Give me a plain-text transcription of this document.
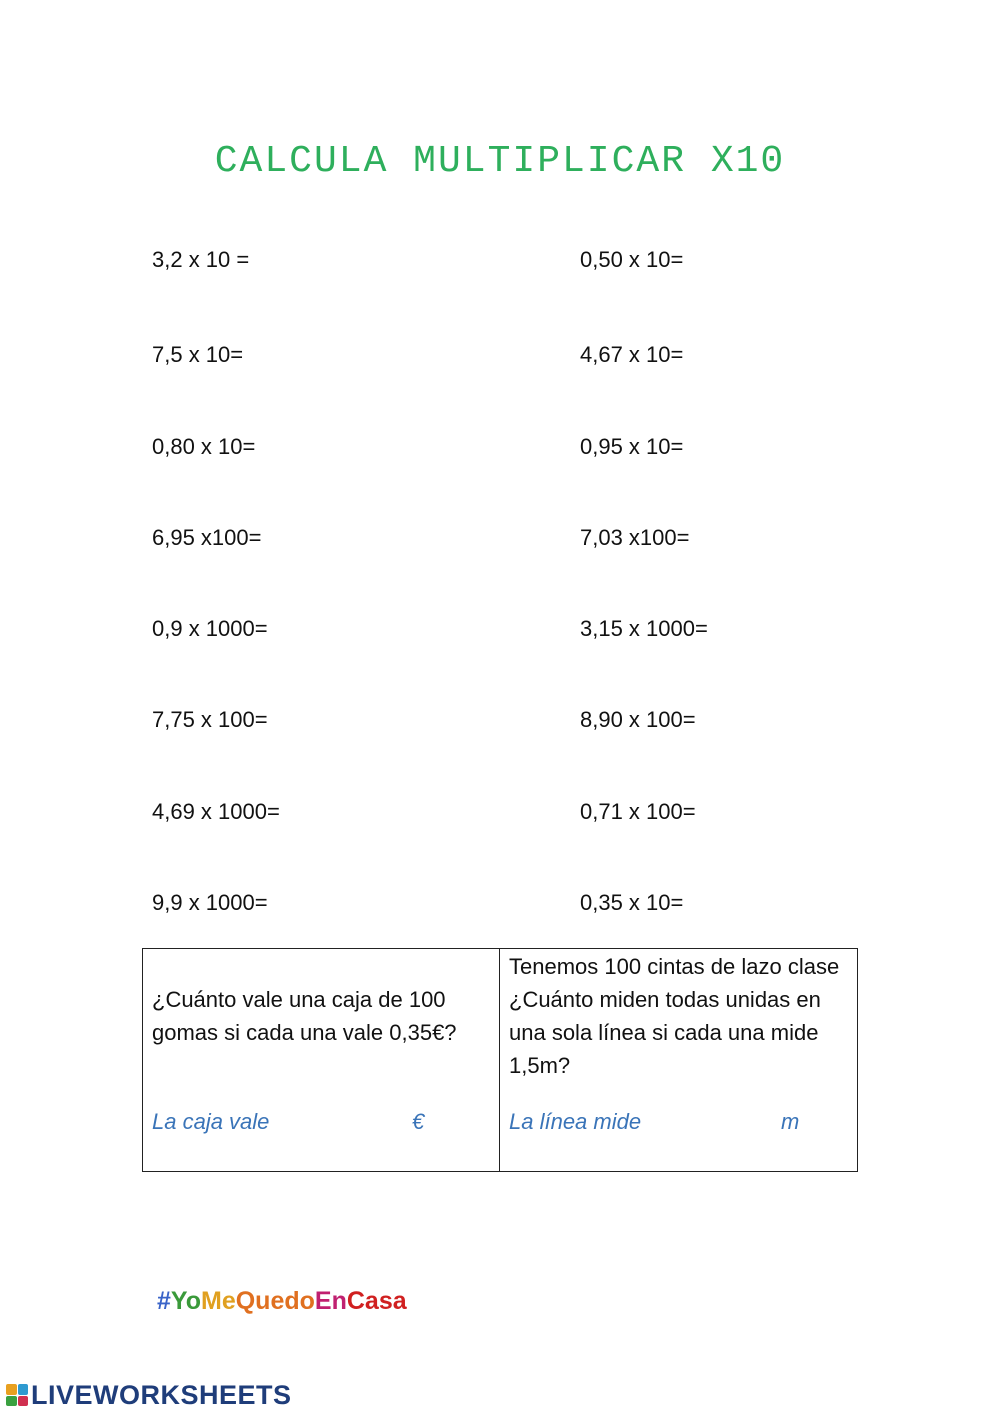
CALCULA MULTIPLICAR X10
3,2 x 10 =
7,5 x 10=
0,80 x 10=
6,95 x100=
0,9 x 1000=
7,75 x 100=
4,69 x 1000=
9,9 x 1000=
0,50 x 10=
4,67 x 10=
0,95 x 10=
7,03 x100=
3,15 x 1000=
8,90 x 100=
0,71 x 100=
0,35 x 10=
¿Cuánto vale una caja de 100 gomas si cada una vale 0,35€?
La caja vale	€
Tenemos 100 cintas de lazo clase ¿Cuánto miden todas unidas en una sola línea si cada una mide 1,5m?
La línea mide	m
#YoMeQuedoEnCasa
LIVEWORKSHEETS
